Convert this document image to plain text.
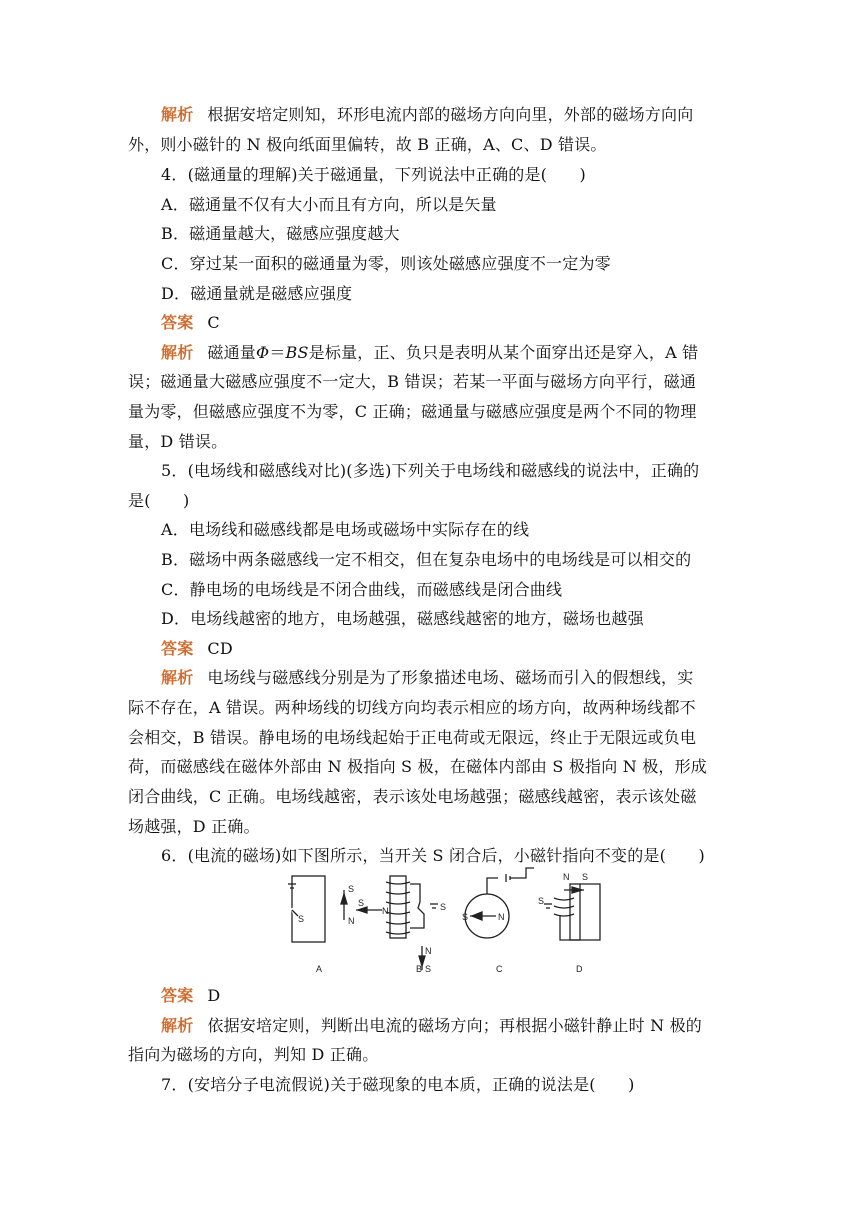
解析 根据安培定则知，环形电流内部的磁场方向向里，外部的磁场方向向
外，则小磁针的 N 极向纸面里偏转，故 B 正确，A、C、D 错误。
4．(磁通量的理解)关于磁通量，下列说法中正确的是(　　)
A．磁通量不仅有大小而且有方向，所以是矢量
B．磁通量越大，磁感应强度越大
C．穿过某一面积的磁通量为零，则该处磁感应强度不一定为零
D．磁通量就是磁感应强度
答案 C
解析 磁通量Φ＝BS是标量，正、负只是表明从某个面穿出还是穿入，A 错
误；磁通量大磁感应强度不一定大，B 错误；若某一平面与磁场方向平行，磁通
量为零，但磁感应强度不为零，C 正确；磁通量与磁感应强度是两个不同的物理
量，D 错误。
5．(电场线和磁感线对比)(多选)下列关于电场线和磁感线的说法中，正确的
是(　　)
A．电场线和磁感线都是电场或磁场中实际存在的线
B．磁场中两条磁感线一定不相交，但在复杂电场中的电场线是可以相交的
C．静电场的电场线是不闭合曲线，而磁感线是闭合曲线
D．电场线越密的地方，电场越强，磁感线越密的地方，磁场也越强
答案 CD
解析 电场线与磁感线分别是为了形象描述电场、磁场而引入的假想线，实
际不存在，A 错误。两种场线的切线方向均表示相应的场方向，故两种场线都不
会相交，B 错误。静电场的电场线起始于正电荷或无限远，终止于无限远或负电
荷，而磁感线在磁体外部由 N 极指向 S 极，在磁体内部由 S 极指向 N 极，形成
闭合曲线，C 正确。电场线越密，表示该处电场越强；磁感线越密，表示该处磁
场越强，D 正确。
6．(电流的磁场)如下图所示，当开关 S 闭合后，小磁针指向不变的是(　　)
S
N
S
N
S	S
N
S
S	N
S
N S
A	B	C	D
答案 D
解析 依据安培定则，判断出电流的磁场方向；再根据小磁针静止时 N 极的
指向为磁场的方向，判知 D 正确。
7．(安培分子电流假说)关于磁现象的电本质，正确的说法是(　　)
